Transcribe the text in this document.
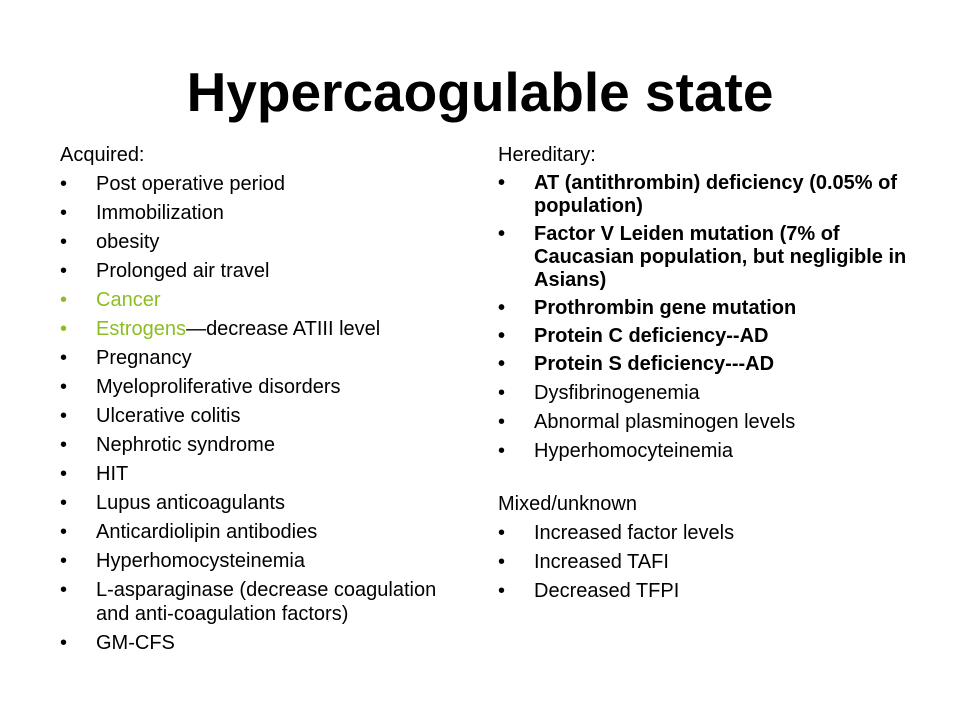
Hypercaogulable state
Acquired:
• Post operative period
• Immobilization
• obesity
• Prolonged air travel
• Cancer
• Estrogens—decrease ATIII level
• Pregnancy
• Myeloproliferative disorders
• Ulcerative colitis
• Nephrotic syndrome
• HIT
• Lupus anticoagulants
• Anticardiolipin antibodies
• Hyperhomocysteinemia
• L-asparaginase (decrease coagulation and anti-coagulation factors)
• GM-CFS
Hereditary:
• AT (antithrombin) deficiency (0.05% of population)
• Factor V Leiden mutation (7% of Caucasian population, but negligible in Asians)
• Prothrombin gene mutation
• Protein C deficiency--AD
• Protein S deficiency---AD
• Dysfibrinogenemia
• Abnormal plasminogen levels
• Hyperhomocyteinemia
Mixed/unknown
• Increased factor levels
• Increased TAFI
• Decreased TFPI
